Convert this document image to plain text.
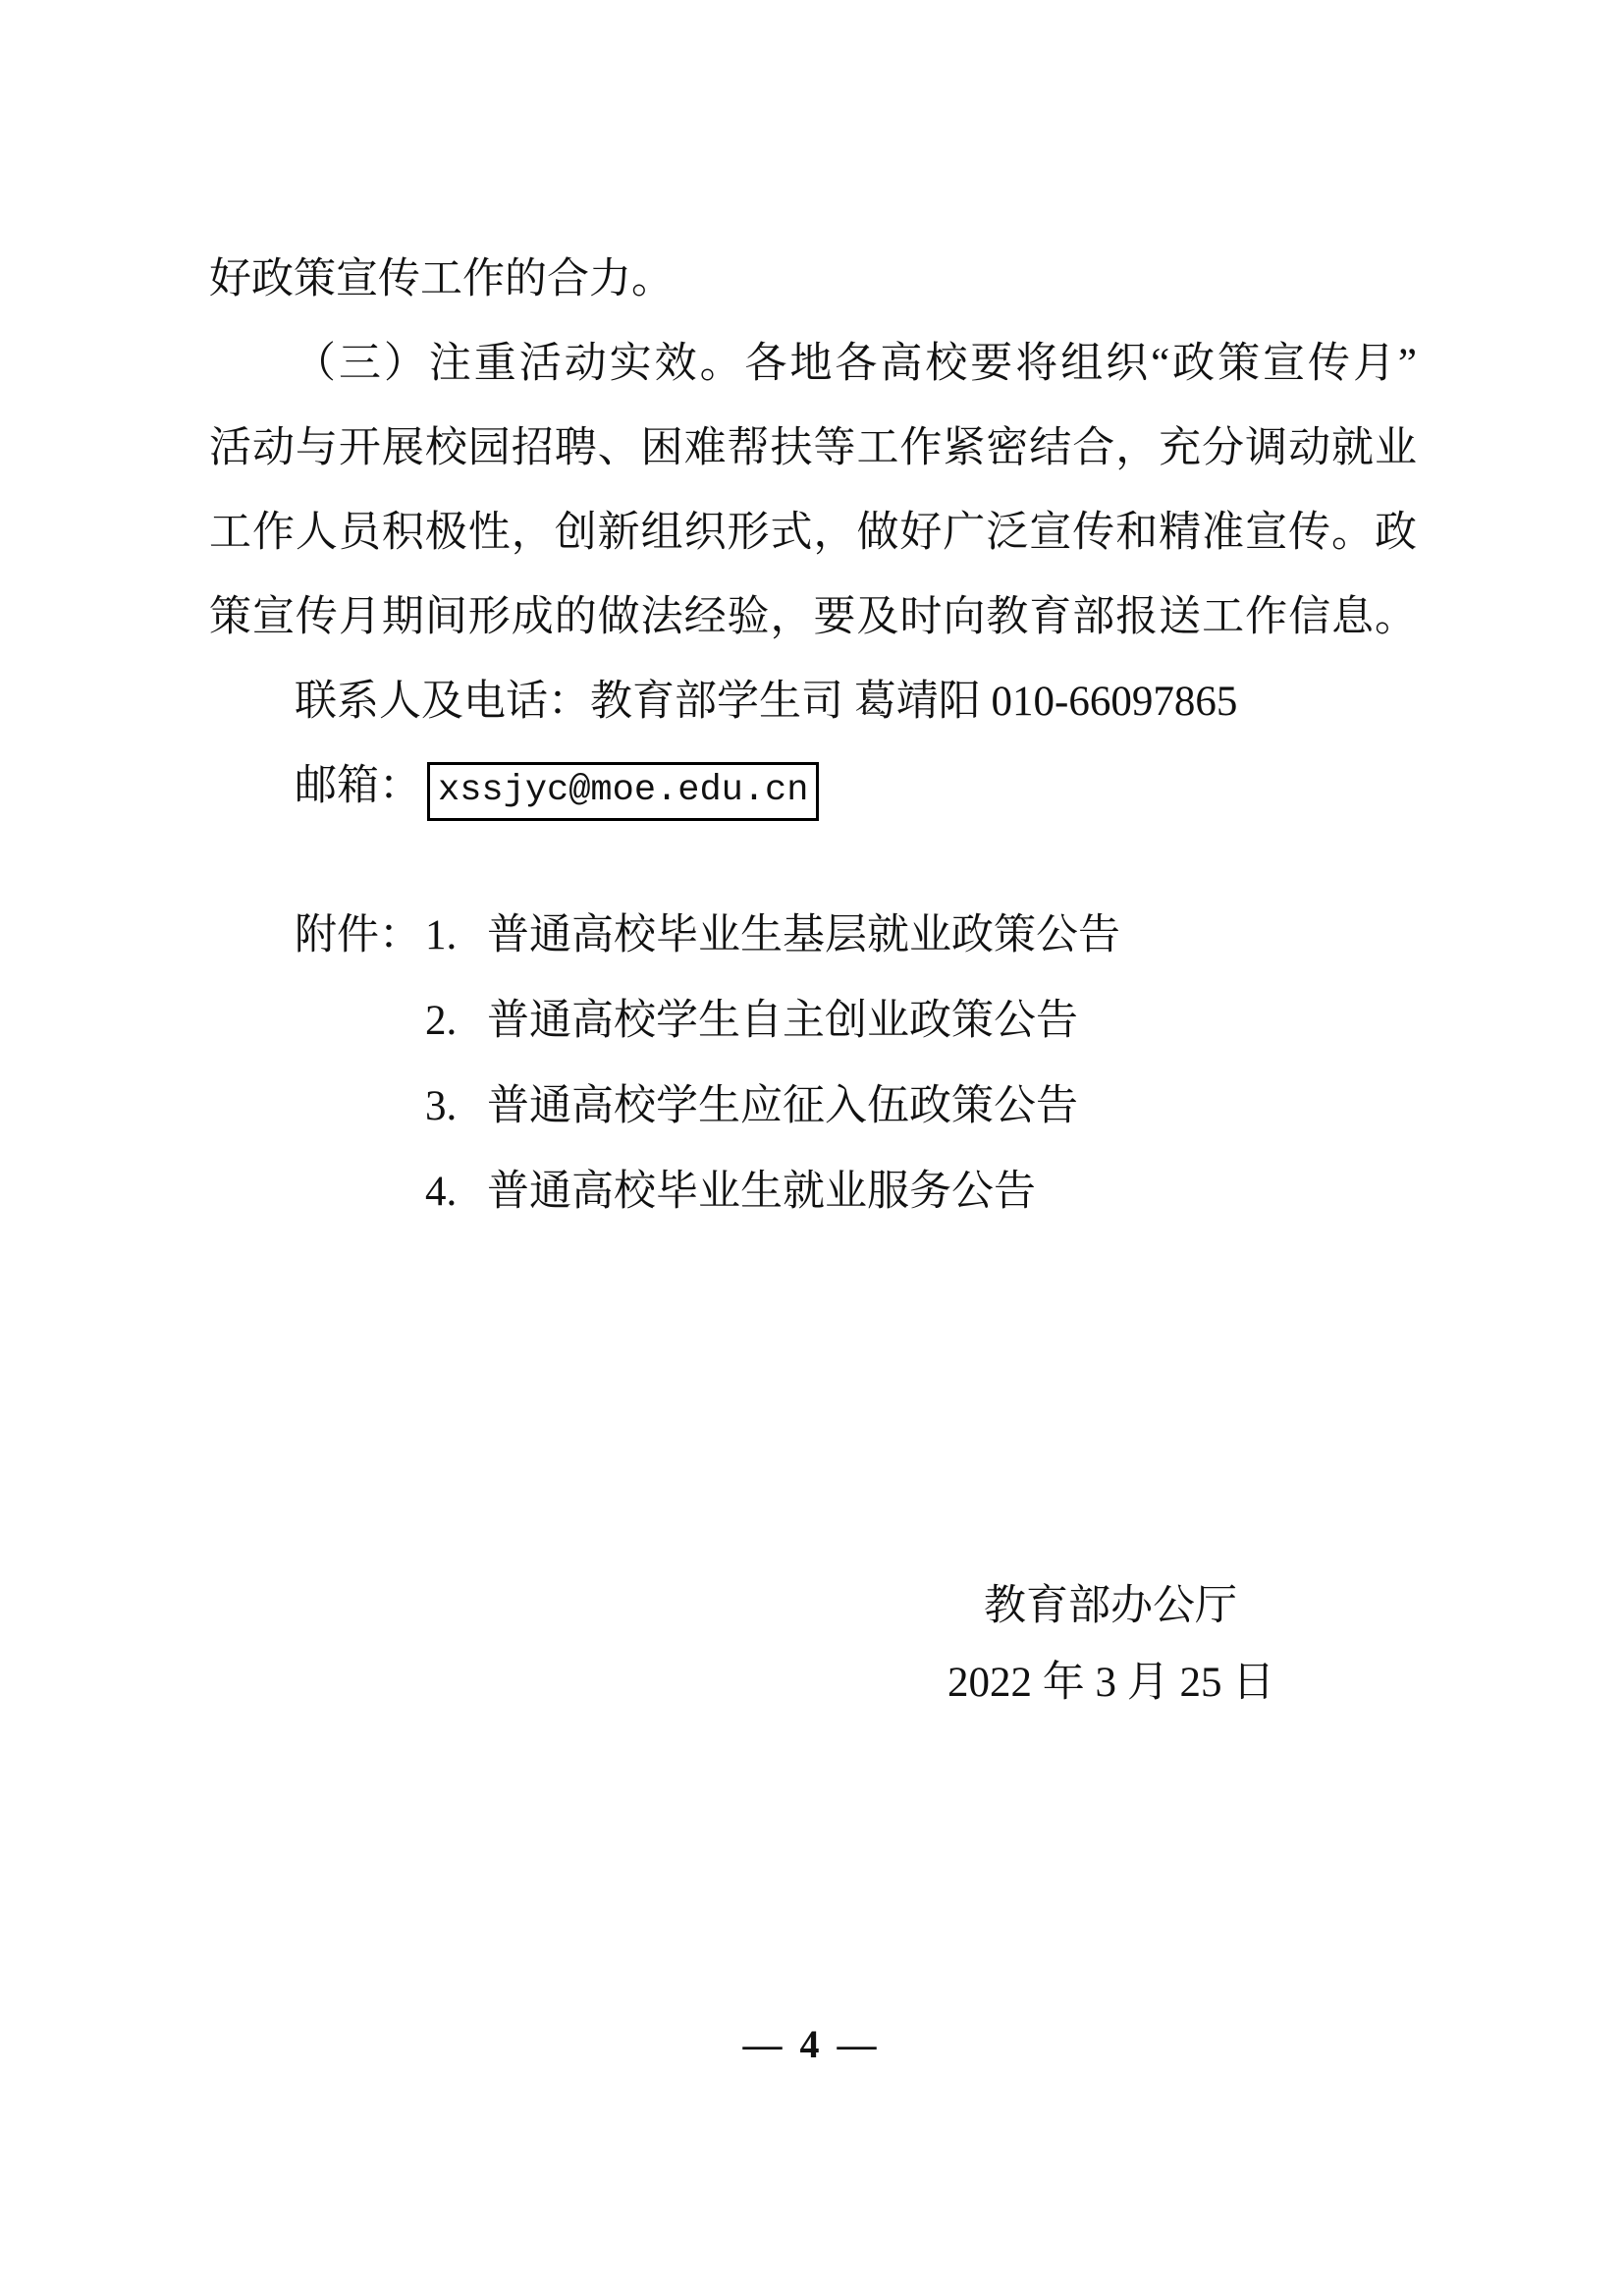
好政策宣传工作的合力。
（三）注重活动实效。各地各高校要将组织“政策宣传月”
活动与开展校园招聘、困难帮扶等工作紧密结合，充分调动就业
工作人员积极性，创新组织形式，做好广泛宣传和精准宣传。政
策宣传月期间形成的做法经验，要及时向教育部报送工作信息。
联系人及电话：教育部学生司 葛靖阳 010-66097865
邮箱： xssjyc@moe.edu.cn
附件：1. 普通高校毕业生基层就业政策公告
2. 普通高校学生自主创业政策公告
3. 普通高校学生应征入伍政策公告
4. 普通高校毕业生就业服务公告
教育部办公厅
2022 年 3 月 25 日
— 4 —
